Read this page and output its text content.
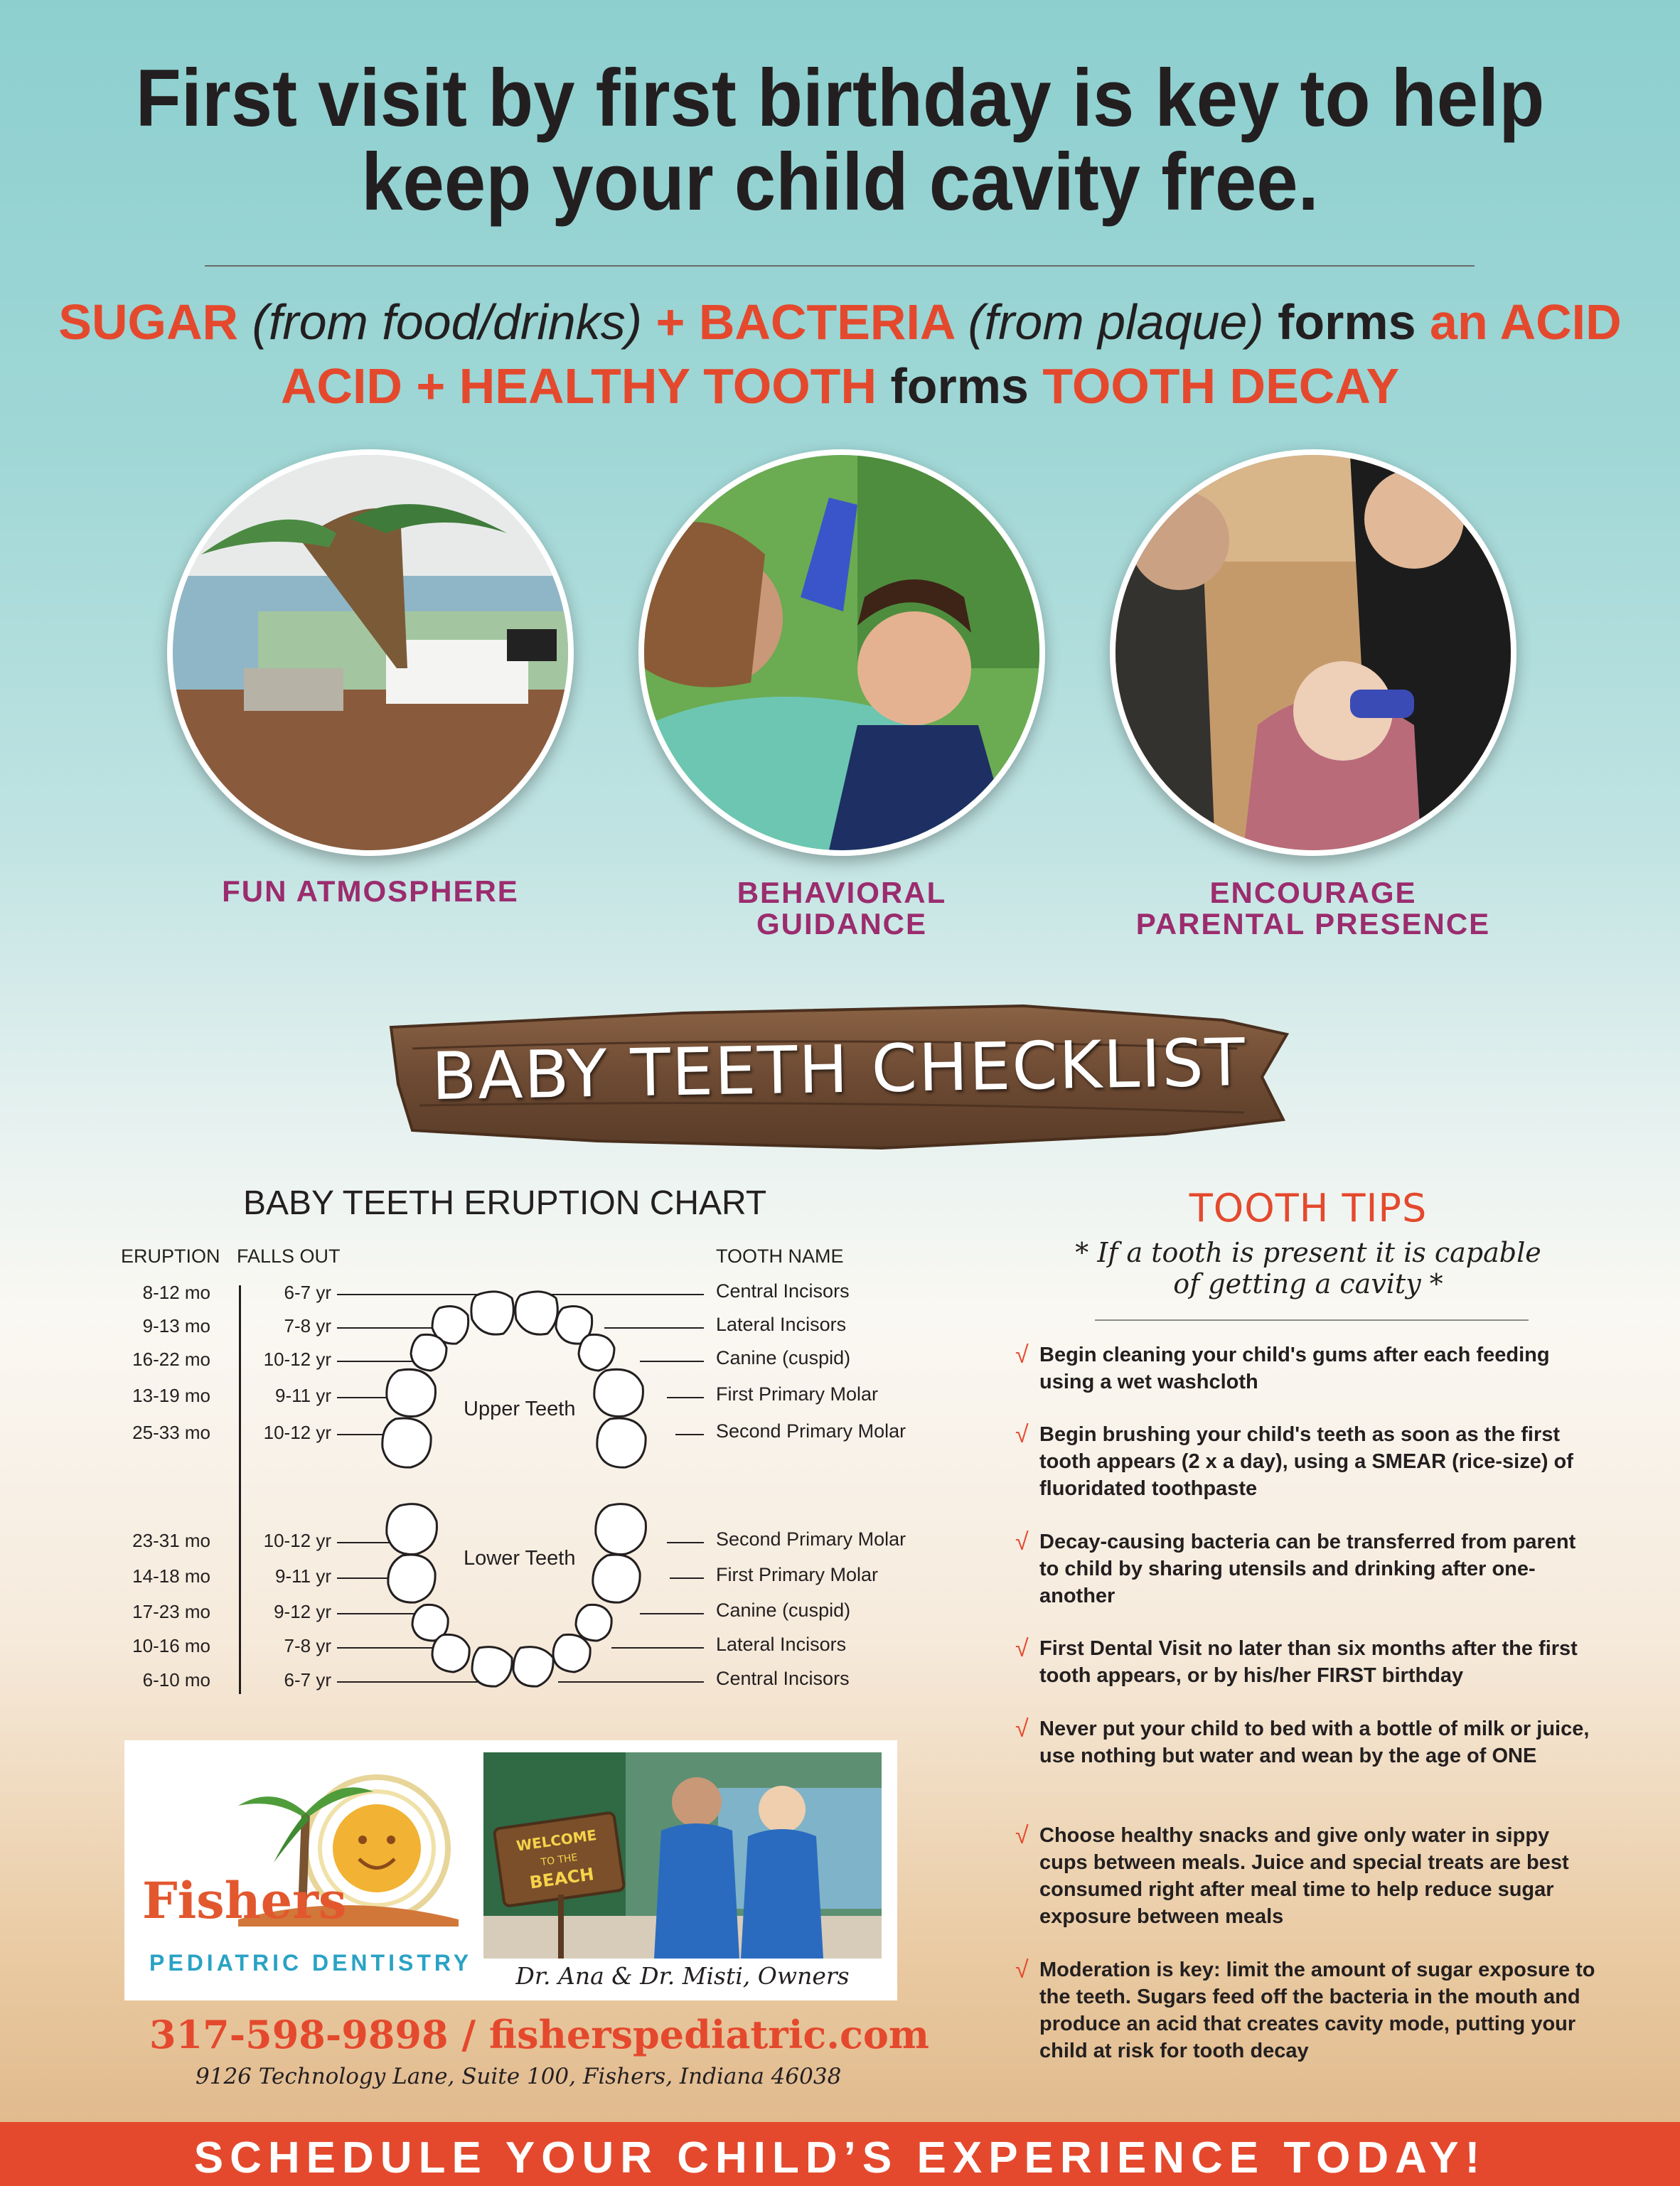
First visit by first birthday is key to help
keep your child cavity free.
SUGAR (from food/drinks) + BACTERIA (from plaque) forms an ACID
ACID + HEALTHY TOOTH forms TOOTH DECAY
FUN ATMOSPHERE	BEHAVIORAL
GUIDANCE
ENCOURAGE
PARENTAL PRESENCE
BABY TEETH CHECKLIST
BABY TEETH ERUPTION CHART
ERUPTION FALLS OUT	TOOTH NAME
8-12 mo	6-7 yr	Central Incisors
9-13 mo	7-8 yr	Lateral Incisors
16-22 mo	10-12 yr	Canine (cuspid)
13-19 mo	9-11 yr	First Primary Molar
25-33 mo	10-12 yr	Second Primary Molar
23-31 mo	10-12 yr	Second Primary Molar
14-18 mo	9-11 yr	First Primary Molar
17-23 mo	9-12 yr	Canine (cuspid)
10-16 mo	7-8 yr	Lateral Incisors
6-10 mo	6-7 yr	Central Incisors
Upper Teeth
Lower Teeth
TOOTH TIPS
* If a tooth is present it is capable
of getting a cavity *
√ Begin cleaning your child's gums after each feeding using a wet washcloth
√ Begin brushing your child's teeth as soon as the first tooth appears (2 x a day), using a SMEAR (rice-size) of fluoridated toothpaste
√ Decay-causing bacteria can be transferred from parent to child by sharing utensils and drinking after one-another
√ First Dental Visit no later than six months after the first tooth appears, or by his/her FIRST birthday
√ Never put your child to bed with a bottle of milk or juice, use nothing but water and wean by the age of ONE
√ Choose healthy snacks and give only water in sippy cups between meals. Juice and special treats are best consumed right after meal time to help reduce sugar exposure between meals
√ Moderation is key: limit the amount of sugar exposure to the teeth. Sugars feed off the bacteria in the mouth and produce an acid that creates cavity mode, putting your child at risk for tooth decay
Fishers
PEDIATRIC DENTISTRY
WELCOME
TO THE
BEACH
Dr. Ana & Dr. Misti, Owners
317-598-9898 / fisherspediatric.com
9126 Technology Lane, Suite 100, Fishers, Indiana 46038
SCHEDULE YOUR CHILD’S EXPERIENCE TODAY!
